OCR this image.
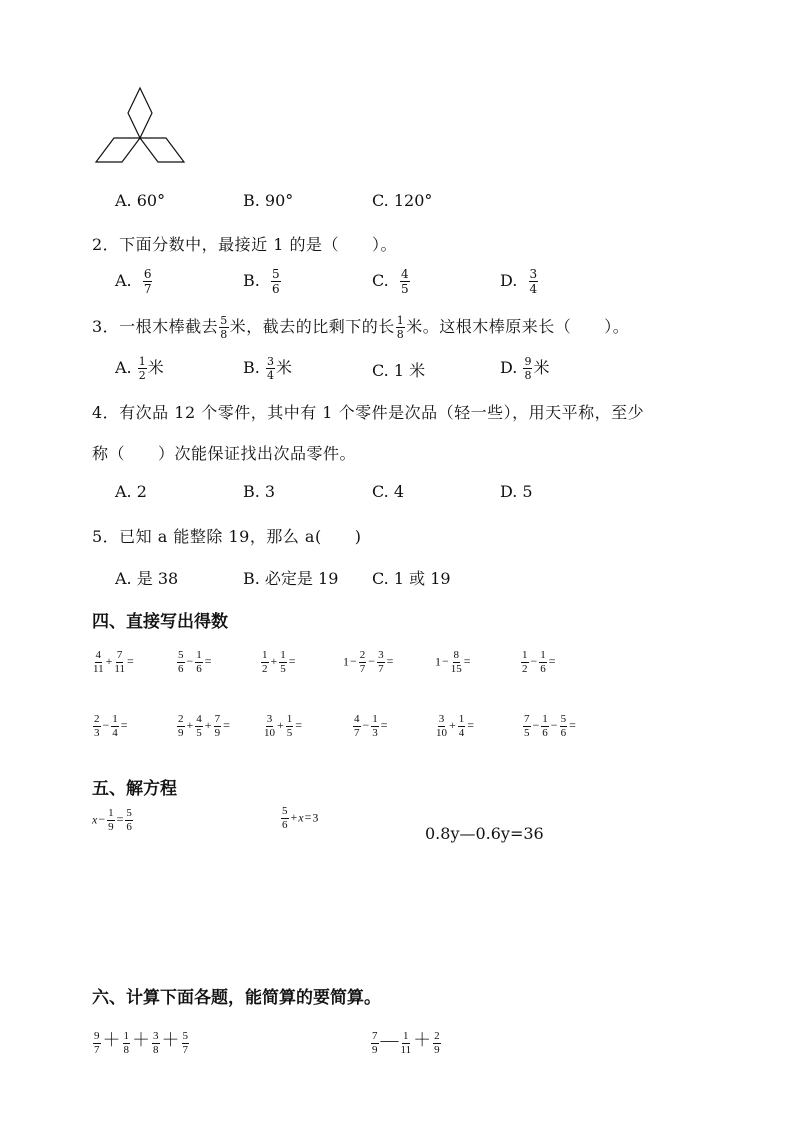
A. 60°	B. 90°	C. 120°
2．下面分数中，最接近 1 的是（　　）。
A. $\frac{6}{7}$	B. $\frac{5}{6}$	C. $\frac{4}{5}$	D. $\frac{3}{4}$
3．一根木棒截去 $\frac{5}{8}$ 米，截去的比剩下的长 $\frac{1}{8}$ 米。这根木棒原来长（　　）。
A. $\frac{1}{2}$ 米	B. $\frac{3}{4}$ 米	C. 1 米	D. $\frac{9}{8}$ 米
4．有次品 12 个零件，其中有 1 个零件是次品（轻一些），用天平称，至少
称（　　）次能保证找出次品零件。
A. 2	B. 3	C. 4	D. 5
5．已知 a 能整除 19，那么 a(　　)
A. 是 38	B. 必定是 19 C. 1 或 19
四、直接写出得数
$\frac{4}{11} + \frac{7}{11}$ =	$\frac{5}{6} - \frac{1}{6}$ =	$\frac{1}{2} + \frac{1}{5}$ =	$1- \frac{2}{7} - \frac{3}{7}$ =	$1- \frac{8}{15}$ =	$\frac{1}{2} - \frac{1}{6}$ =
$\frac{2}{3} - \frac{1}{4}$ =	$\frac{2}{9} + \frac{4}{5} + \frac{7}{9}$ =	$\frac{3}{10} + \frac{1}{5}$ =	$\frac{4}{7} - \frac{1}{3}$ =	$\frac{3}{10} + \frac{1}{4}$ =	$\frac{7}{5} - \frac{1}{6} - \frac{5}{6}$ =
五、解方程
$x- \frac{1}{9} = \frac{5}{6}$	$\frac{5}{6} +x=3$
0.8y—0.6y=36
六、计算下面各题，能简算的要简算。
$\frac{9}{7} + \frac{1}{8} + \frac{3}{8} + \frac{5}{7}$	$\frac{7}{9}$ — $\frac{1}{11} + \frac{2}{9}$
